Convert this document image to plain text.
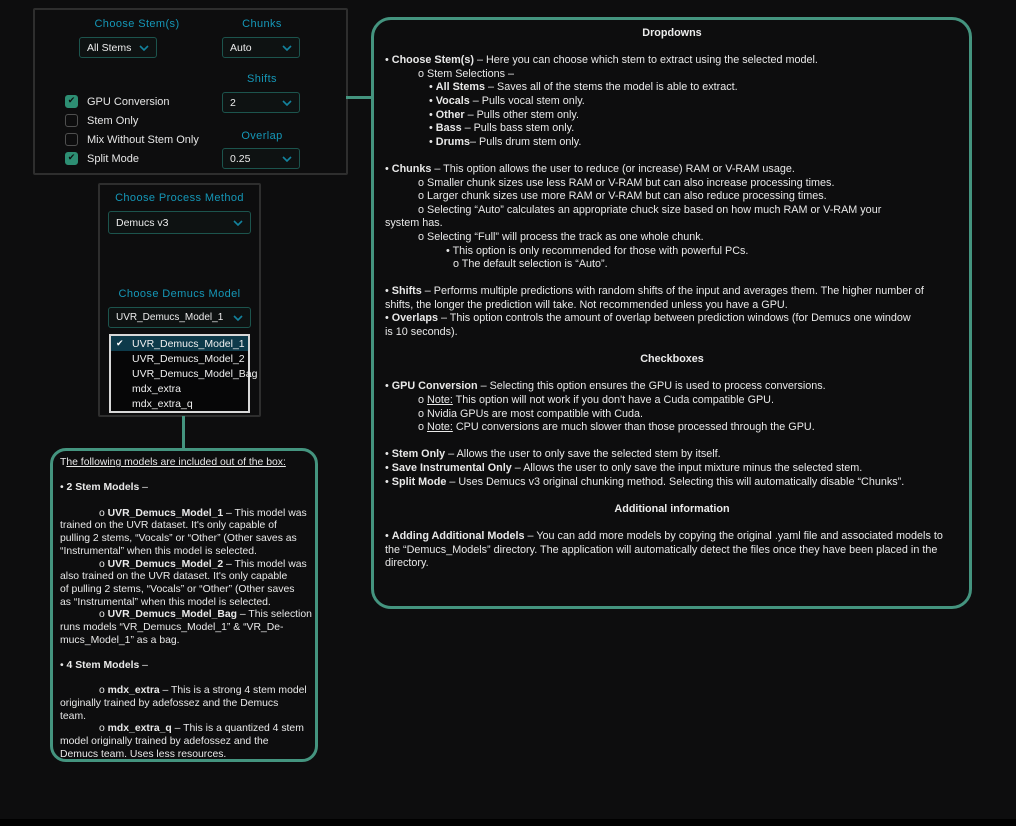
Choose Stem(s)
All Stems
Chunks
Auto
Shifts
2
Overlap
0.25
✔ GPU Conversion
Stem Only
Mix Without Stem Only
✔ Split Mode
Choose Process Method
Demucs v3
Choose Demucs Model
UVR_Demucs_Model_1
✔ UVR_Demucs_Model_1
UVR_Demucs_Model_2
UVR_Demucs_Model_Bag
mdx_extra
mdx_extra_q
The following models are included out of the box:
• 2 Stem Models –
o UVR_Demucs_Model_1 – This model was
trained on the UVR dataset. It's only capable of
pulling 2 stems, “Vocals” or “Other” (Other saves as
“Instrumental” when this model is selected.
o UVR_Demucs_Model_2 – This model was
also trained on the UVR dataset. It's only capable
of pulling 2 stems, “Vocals” or “Other” (Other saves
as “Instrumental” when this model is selected.
o UVR_Demucs_Model_Bag – This selection
runs models “VR_Demucs_Model_1” & “VR_De-
mucs_Model_1” as a bag.
• 4 Stem Models –
o mdx_extra – This is a strong 4 stem model
originally trained by adefossez and the Demucs
team.
o mdx_extra_q – This is a quantized 4 stem
model originally trained by adefossez and the
Demucs team. Uses less resources.
Dropdowns
• Choose Stem(s) – Here you can choose which stem to extract using the selected model.
o Stem Selections –
• All Stems – Saves all of the stems the model is able to extract.
• Vocals – Pulls vocal stem only.
• Other – Pulls other stem only.
• Bass – Pulls bass stem only.
• Drums– Pulls drum stem only.
• Chunks – This option allows the user to reduce (or increase) RAM or V-RAM usage.
o Smaller chunk sizes use less RAM or V-RAM but can also increase processing times.
o Larger chunk sizes use more RAM or V-RAM but can also reduce processing times.
o Selecting “Auto” calculates an appropriate chuck size based on how much RAM or V-RAM your
system has.
o Selecting “Full” will process the track as one whole chunk.
• This option is only recommended for those with powerful PCs.
o The default selection is “Auto”.
• Shifts – Performs multiple predictions with random shifts of the input and averages them. The higher number of
shifts, the longer the prediction will take. Not recommended unless you have a GPU.
• Overlaps – This option controls the amount of overlap between prediction windows (for Demucs one window
is 10 seconds).
Checkboxes
• GPU Conversion – Selecting this option ensures the GPU is used to process conversions.
o Note: This option will not work if you don't have a Cuda compatible GPU.
o Nvidia GPUs are most compatible with Cuda.
o Note: CPU conversions are much slower than those processed through the GPU.
• Stem Only – Allows the user to only save the selected stem by itself.
• Save Instrumental Only – Allows the user to only save the input mixture minus the selected stem.
• Split Mode – Uses Demucs v3 original chunking method. Selecting this will automatically disable “Chunks”.
Additional information
• Adding Additional Models – You can add more models by copying the original .yaml file and associated models to
the “Demucs_Models” directory. The application will automatically detect the files once they have been placed in the
directory.
